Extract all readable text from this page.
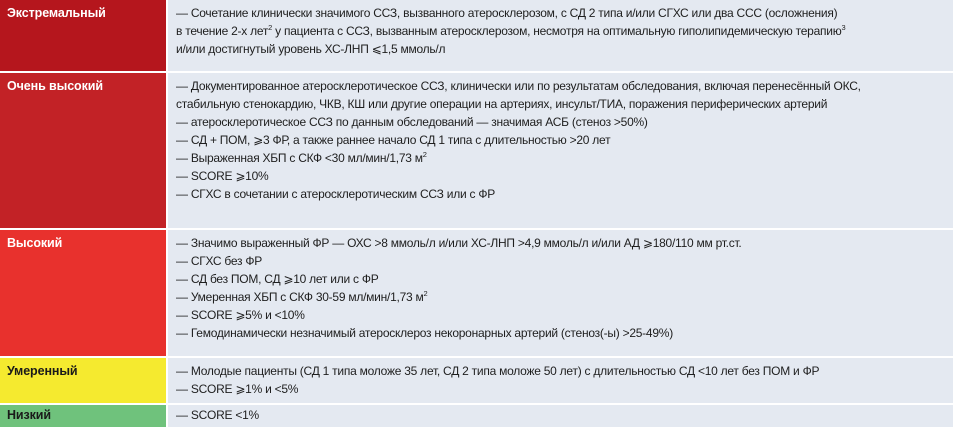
Экстремальный	— Сочетание клинически значимого ССЗ, вызванного атеросклерозом, с СД 2 типа и/или СГХС или два ССС (осложнения)
в течение 2-х лет$^2$ у пациента с ССЗ, вызванным атеросклерозом, несмотря на оптимальную гиполипидемическую терапию$^3$
и/или достигнутый уровень ХС-ЛНП ⩽1,5 ммоль/л
Очень высокий	— Документированное атеросклеротическое ССЗ, клинически или по результатам обследования, включая перенесённый ОКС,
стабильную стенокардию, ЧКВ, КШ или другие операции на артериях, инсульт/ТИА, поражения периферических артерий
— атеросклеротическое ССЗ по данным обследований — значимая АСБ (стеноз >50%)
— СД + ПОМ, ⩾3 ФР, а также раннее начало СД 1 типа с длительностью >20 лет
— Выраженная ХБП с СКФ <30 мл/мин/1,73 $м^2$
— SCORE ⩾10%
— СГХС в сочетании с атеросклеротическим ССЗ или с ФР
Высокий	— Значимо выраженный ФР — ОХС >8 ммоль/л и/или ХС-ЛНП >4,9 ммоль/л и/или АД ⩾180/110 мм рт.ст.
— СГХС без ФР
— СД без ПОМ, СД ⩾10 лет или с ФР
— Умеренная ХБП с СКФ 30-59 мл/мин/1,73 $м^2$
— SCORE ⩾5% и <10%
— Гемодинамически незначимый атеросклероз некоронарных артерий (стеноз(-ы) >25-49%)
Умеренный	— Молодые пациенты (СД 1 типа моложе 35 лет, СД 2 типа моложе 50 лет) с длительностью СД <10 лет без ПОМ и ФР
— SCORE ⩾1% и <5%
Низкий	— SCORE <1%
